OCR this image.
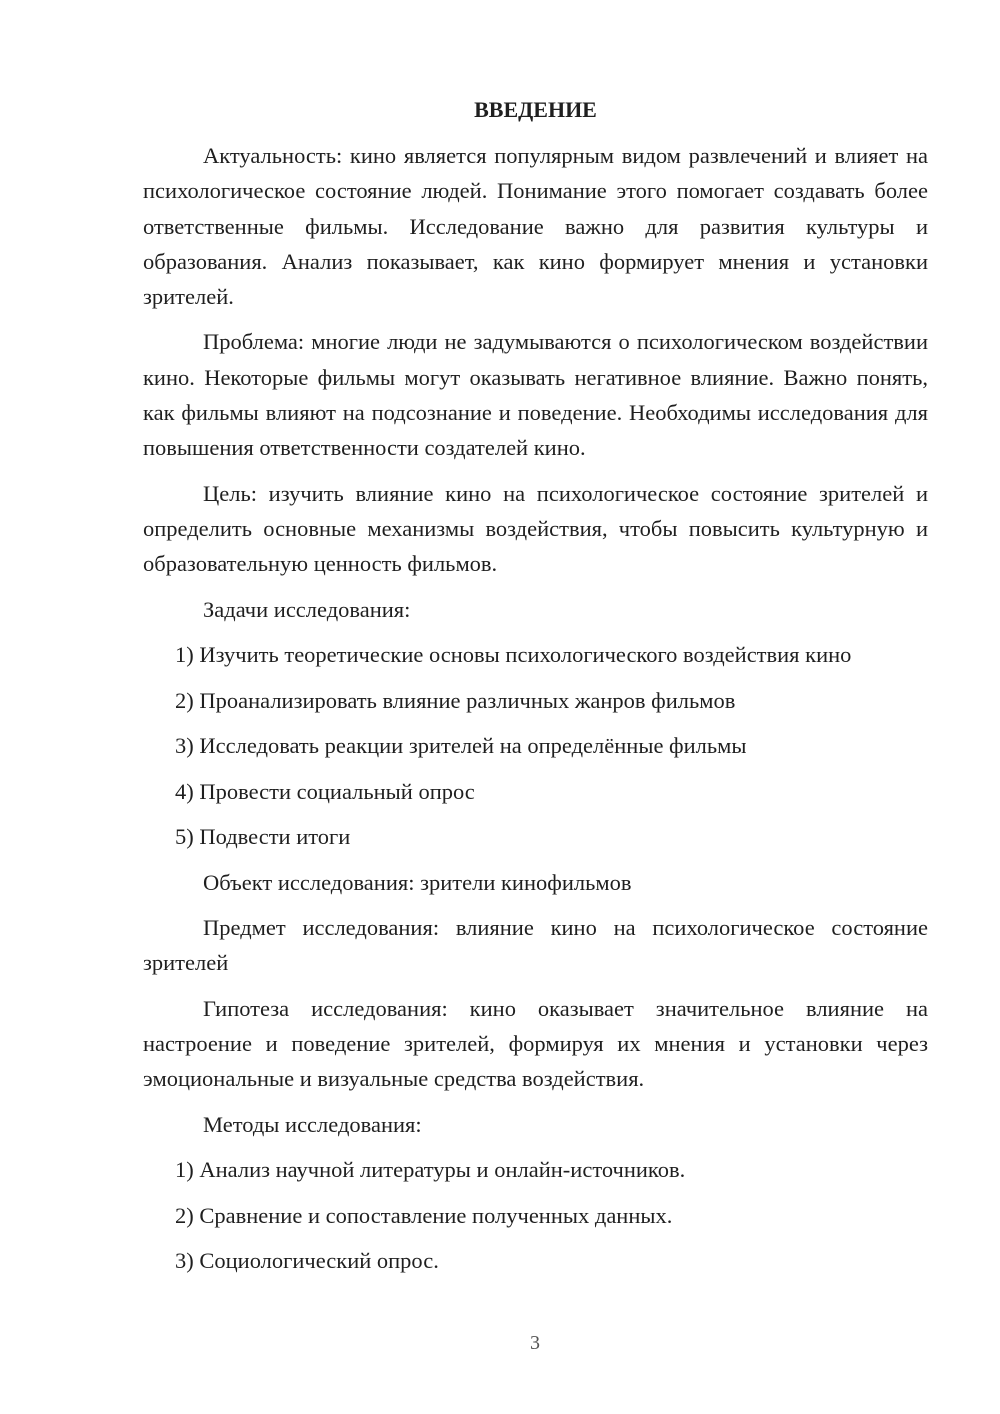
ВВЕДЕНИЕ

Актуальность: кино является популярным видом развлечений и влияет на психологическое состояние людей. Понимание этого помогает создавать более ответственные фильмы. Исследование важно для развития культуры и образования. Анализ показывает, как кино формирует мнения и установки зрителей.

Проблема: многие люди не задумываются о психологическом воздействии кино. Некоторые фильмы могут оказывать негативное влияние. Важно понять, как фильмы влияют на подсознание и поведение. Необходимы исследования для повышения ответственности создателей кино.

Цель: изучить влияние кино на психологическое состояние зрителей и определить основные механизмы воздействия, чтобы повысить культурную и образовательную ценность фильмов.

Задачи исследования:
1) Изучить теоретические основы психологического воздействия кино
2) Проанализировать влияние различных жанров фильмов
3) Исследовать реакции зрителей на определённые фильмы
4) Провести социальный опрос
5) Подвести итоги
Объект исследования: зрители кинофильмов

Предмет исследования: влияние кино на психологическое состояние зрителей

Гипотеза исследования: кино оказывает значительное влияние на настроение и поведение зрителей, формируя их мнения и установки через эмоциональные и визуальные средства воздействия.

Методы исследования:
1) Анализ научной литературы и онлайн-источников.
2) Сравнение и сопоставление полученных данных.
3) Социологический опрос.
3
